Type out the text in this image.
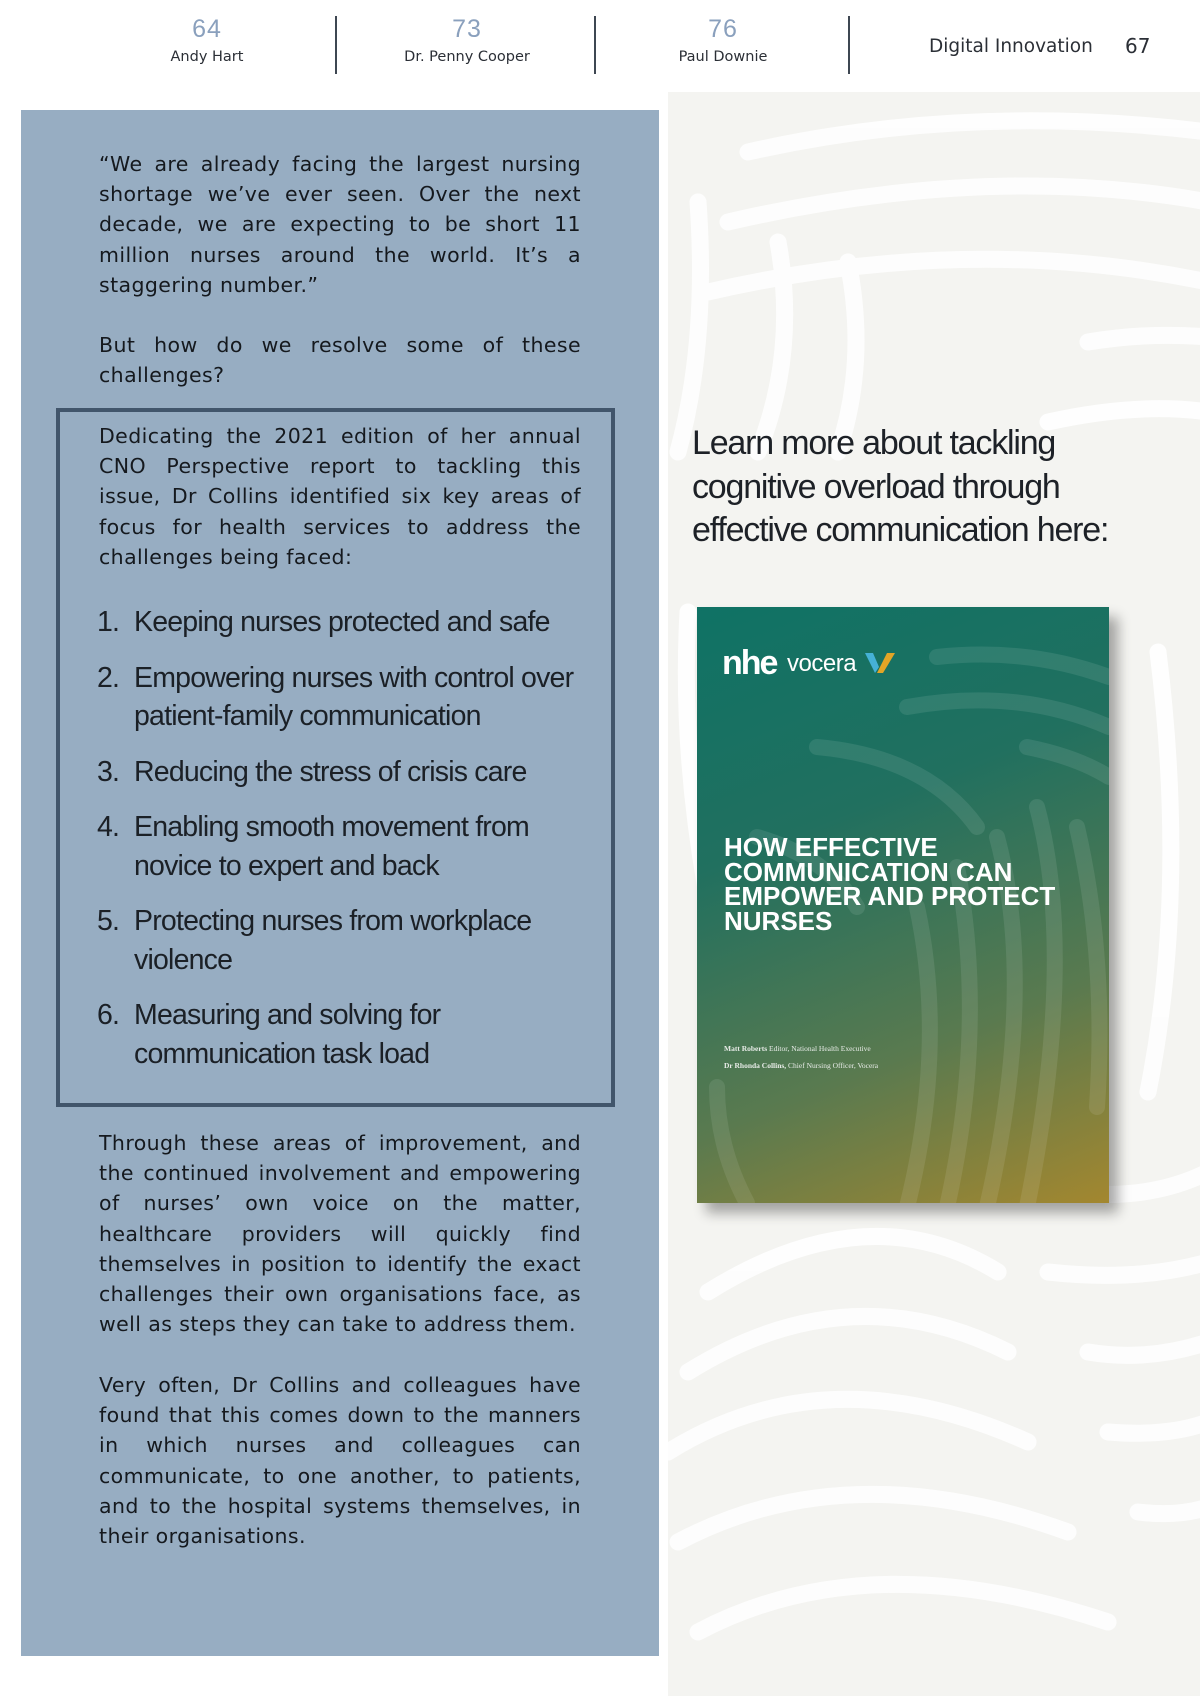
64
Andy Hart
73
Dr. Penny Cooper
76
Paul Downie	Digital Innovation 67

“We are already facing the largest nursing shortage we’ve ever seen. Over the next decade, we are expecting to be short 11 million nurses around the world. It’s a staggering number.”

But how do we resolve some of these challenges?

Dedicating the 2021 edition of her annual CNO Perspective report to tackling this issue, Dr Collins identified six key areas of focus for health services to address the challenges being faced:

1. Keeping nurses protected and safe
2. Empowering nurses with control over patient-family communication
3. Reducing the stress of crisis care
4. Enabling smooth movement from novice to expert and back
5. Protecting nurses from workplace violence
6. Measuring and solving for communication task load

Through these areas of improvement, and the continued involvement and empowering of nurses’ own voice on the matter, healthcare providers will quickly find themselves in position to identify the exact challenges their own organisations face, as well as steps they can take to address them.

Very often, Dr Collins and colleagues have found that this comes down to the manners in which nurses and colleagues can communicate, to one another, to patients, and to the hospital systems themselves, in their organisations.

Learn more about tackling cognitive overload through effective communication here:

nhe vocera
HOW EFFECTIVE COMMUNICATION CAN EMPOWER AND PROTECT NURSES
Matt Roberts Editor, National Health Executive
Dr Rhonda Collins, Chief Nursing Officer, Vocera
